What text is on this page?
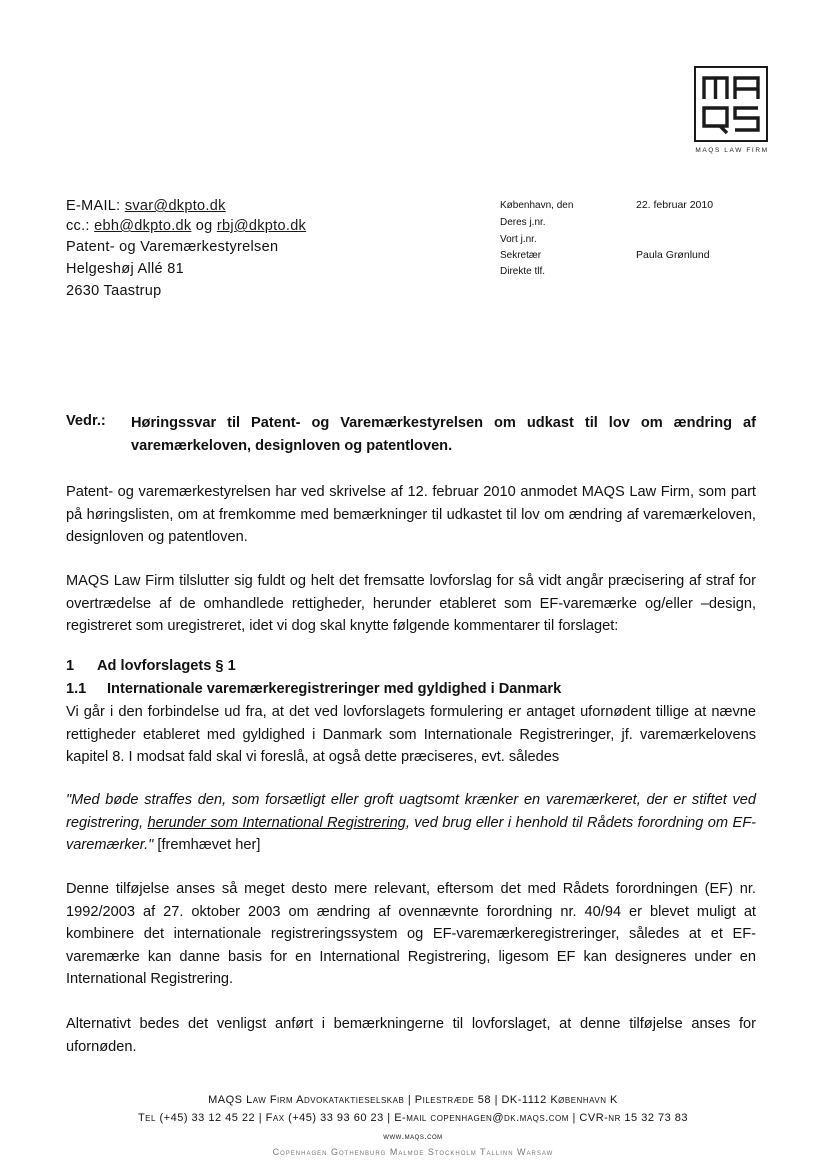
MAQS
MAQS LAW FIRM
E-MAIL: svar@dkpto.dk
cc.: ebh@dkpto.dk og rbj@dkpto.dk
Patent- og Varemærkestyrelsen
Helgeshøj Allé 81
2630 Taastrup
København, den	22. februar 2010
Deres j.nr.
Vort j.nr.
Sekretær	Paula Grønlund
Direkte tlf.
Vedr.: Høringssvar til Patent- og Varemærkestyrelsen om udkast til lov om ændring af varemærkeloven, designloven og patentloven.
Patent- og varemærkestyrelsen har ved skrivelse af 12. februar 2010 anmodet MAQS Law Firm, som part på høringslisten, om at fremkomme med bemærkninger til udkastet til lov om ændring af varemærkeloven, designloven og patentloven.
MAQS Law Firm tilslutter sig fuldt og helt det fremsatte lovforslag for så vidt angår præcisering af straf for overtrædelse af de omhandlede rettigheder, herunder etableret som EF-varemærke og/eller –design, registreret som uregistreret, idet vi dog skal knytte følgende kommentarer til forslaget:
1 Ad lovforslagets § 1
1.1 Internationale varemærkeregistreringer med gyldighed i Danmark
Vi går i den forbindelse ud fra, at det ved lovforslagets formulering er antaget ufornødent tillige at nævne rettigheder etableret med gyldighed i Danmark som Internationale Registreringer, jf. varemærkelovens kapitel 8. I modsat fald skal vi foreslå, at også dette præciseres, evt. således
"Med bøde straffes den, som forsætligt eller groft uagtsomt krænker en varemærkeret, der er stiftet ved registrering, herunder som International Registrering, ved brug eller i henhold til Rådets forordning om EF-varemærker." [fremhævet her]
Denne tilføjelse anses så meget desto mere relevant, eftersom det med Rådets forordningen (EF) nr. 1992/2003 af 27. oktober 2003 om ændring af ovennævnte forordning nr. 40/94 er blevet muligt at kombinere det internationale registreringssystem og EF-varemærkeregistreringer, således at et EF-varemærke kan danne basis for en International Registrering, ligesom EF kan designeres under en International Registrering.
Alternativt bedes det venligst anført i bemærkningerne til lovforslaget, at denne tilføjelse anses for ufornøden.
MAQS Law Firm Advokataktieselskab | Pilestræde 58 | DK-1112 København K
Tel (+45) 33 12 45 22 | Fax (+45) 33 93 60 23 | E-mail copenhagen@dk.maqs.com | CVR-nr 15 32 73 83
www.maqs.com
Copenhagen Gothenburg Malmoe Stockholm Tallinn Warsaw
